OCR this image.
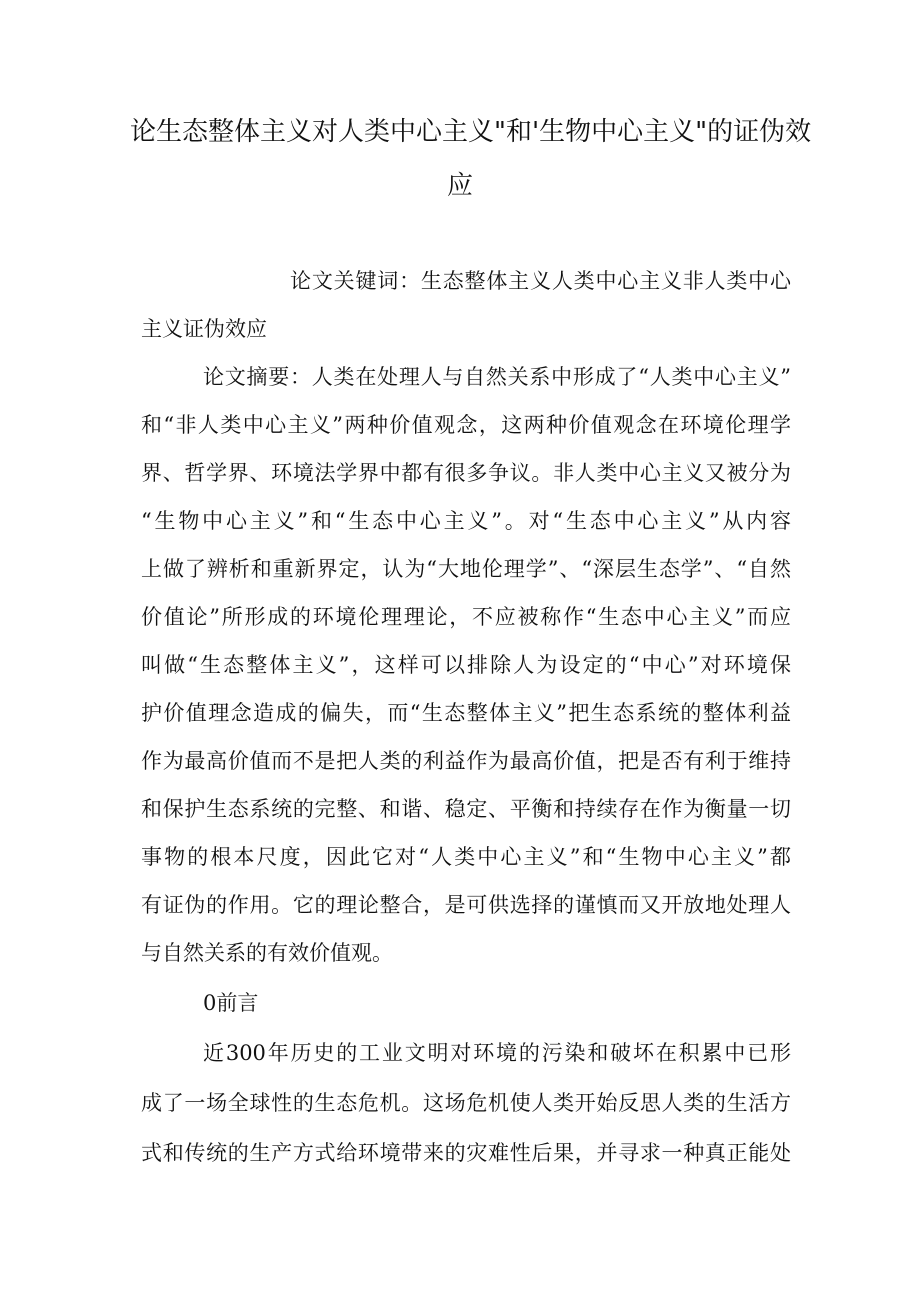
论生态整体主义对人类中心主义"和'生物中心主义"的证伪效
应
论文关键词：生态整体主义人类中心主义非人类中心
主义证伪效应
论文摘要：人类在处理人与自然关系中形成了“人类中心主义”
和“非人类中心主义”两种价值观念，这两种价值观念在环境伦理学
界、哲学界、环境法学界中都有很多争议。非人类中心主义又被分为
“生物中心主义”和“生态中心主义”。对“生态中心主义”从内容
上做了辨析和重新界定，认为“大地伦理学”、“深层生态学”、“自然
价值论”所形成的环境伦理理论，不应被称作“生态中心主义”而应
叫做“生态整体主义”，这样可以排除人为设定的“中心”对环境保
护价值理念造成的偏失，而“生态整体主义”把生态系统的整体利益
作为最高价值而不是把人类的利益作为最高价值，把是否有利于维持
和保护生态系统的完整、和谐、稳定、平衡和持续存在作为衡量一切
事物的根本尺度，因此它对“人类中心主义”和“生物中心主义”都
有证伪的作用。它的理论整合，是可供选择的谨慎而又开放地处理人
与自然关系的有效价值观。
0前言
近300年历史的工业文明对环境的污染和破坏在积累中已形
成了一场全球性的生态危机。这场危机使人类开始反思人类的生活方
式和传统的生产方式给环境带来的灾难性后果，并寻求一种真正能处
